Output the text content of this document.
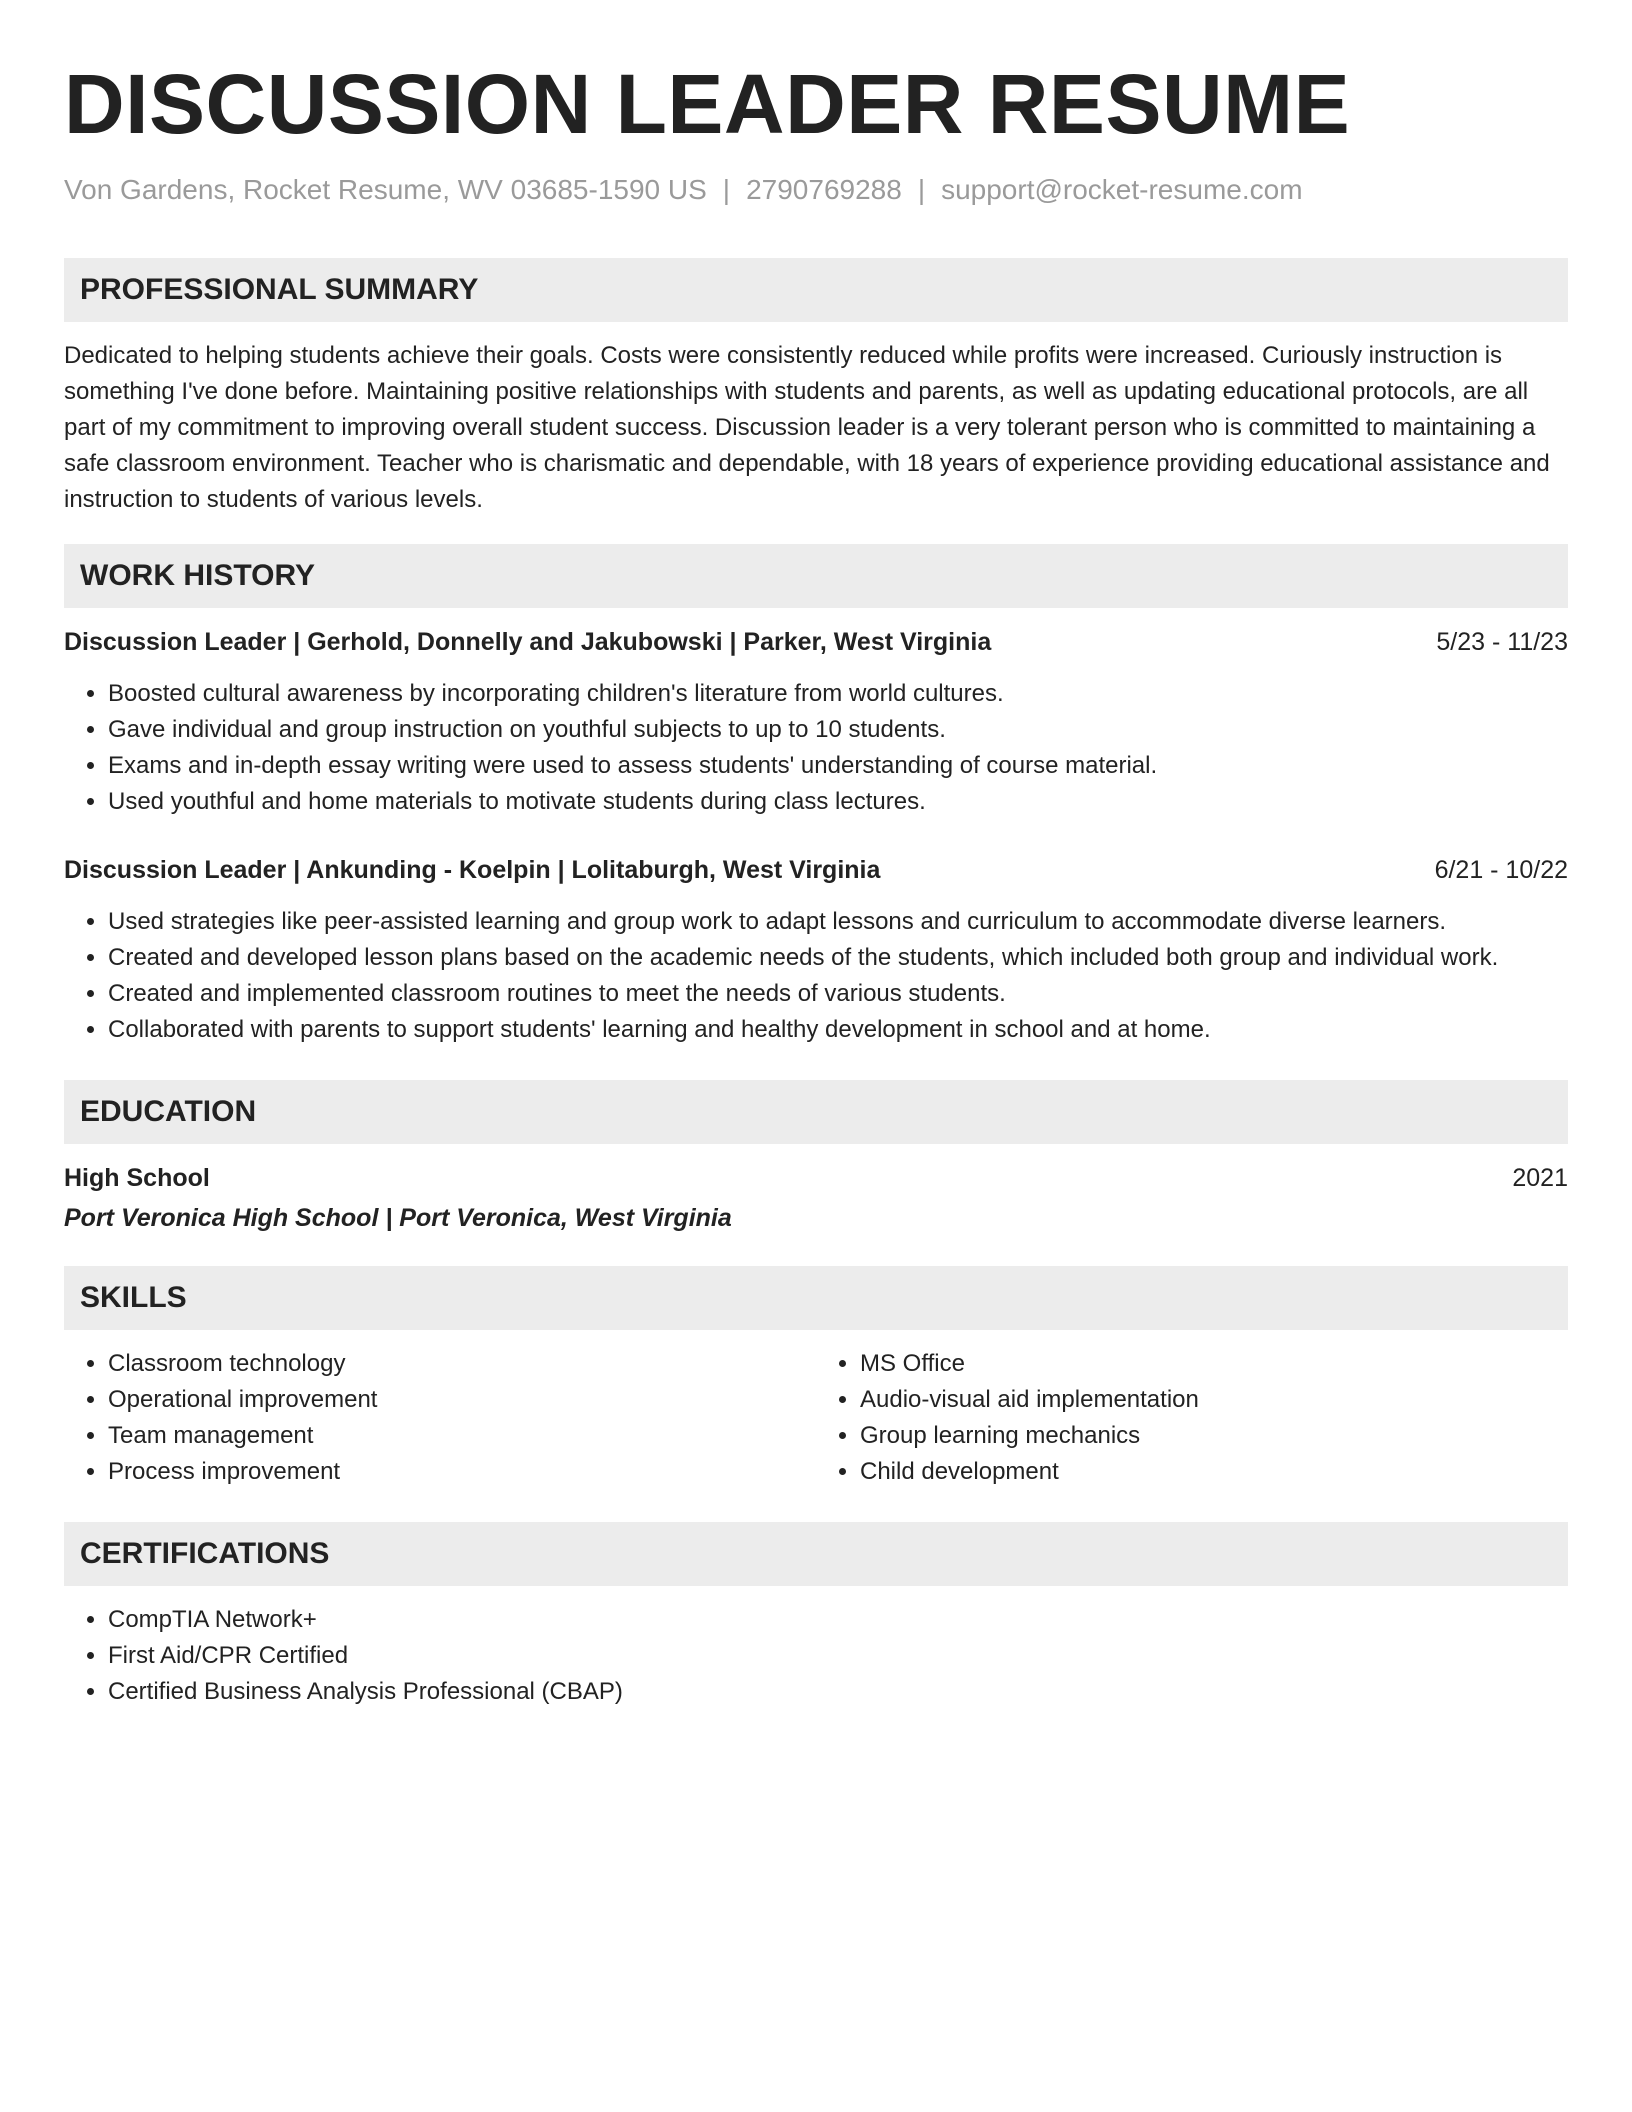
DISCUSSION LEADER RESUME
Von Gardens, Rocket Resume, WV 03685-1590 US | 2790769288 | support@rocket-resume.com
PROFESSIONAL SUMMARY
Dedicated to helping students achieve their goals. Costs were consistently reduced while profits were increased. Curiously instruction is something I've done before. Maintaining positive relationships with students and parents, as well as updating educational protocols, are all part of my commitment to improving overall student success. Discussion leader is a very tolerant person who is committed to maintaining a safe classroom environment. Teacher who is charismatic and dependable, with 18 years of experience providing educational assistance and instruction to students of various levels.
WORK HISTORY
Discussion Leader | Gerhold, Donnelly and Jakubowski | Parker, West Virginia	5/23 - 11/23
• Boosted cultural awareness by incorporating children's literature from world cultures.
• Gave individual and group instruction on youthful subjects to up to 10 students.
• Exams and in-depth essay writing were used to assess students' understanding of course material.
• Used youthful and home materials to motivate students during class lectures.
Discussion Leader | Ankunding - Koelpin | Lolitaburgh, West Virginia	6/21 - 10/22
• Used strategies like peer-assisted learning and group work to adapt lessons and curriculum to accommodate diverse learners.
• Created and developed lesson plans based on the academic needs of the students, which included both group and individual work.
• Created and implemented classroom routines to meet the needs of various students.
• Collaborated with parents to support students' learning and healthy development in school and at home.
EDUCATION
High School	2021
Port Veronica High School | Port Veronica, West Virginia
SKILLS
• Classroom technology
• Operational improvement
• Team management
• Process improvement
• MS Office
• Audio-visual aid implementation
• Group learning mechanics
• Child development
CERTIFICATIONS
• CompTIA Network+
• First Aid/CPR Certified
• Certified Business Analysis Professional (CBAP)
